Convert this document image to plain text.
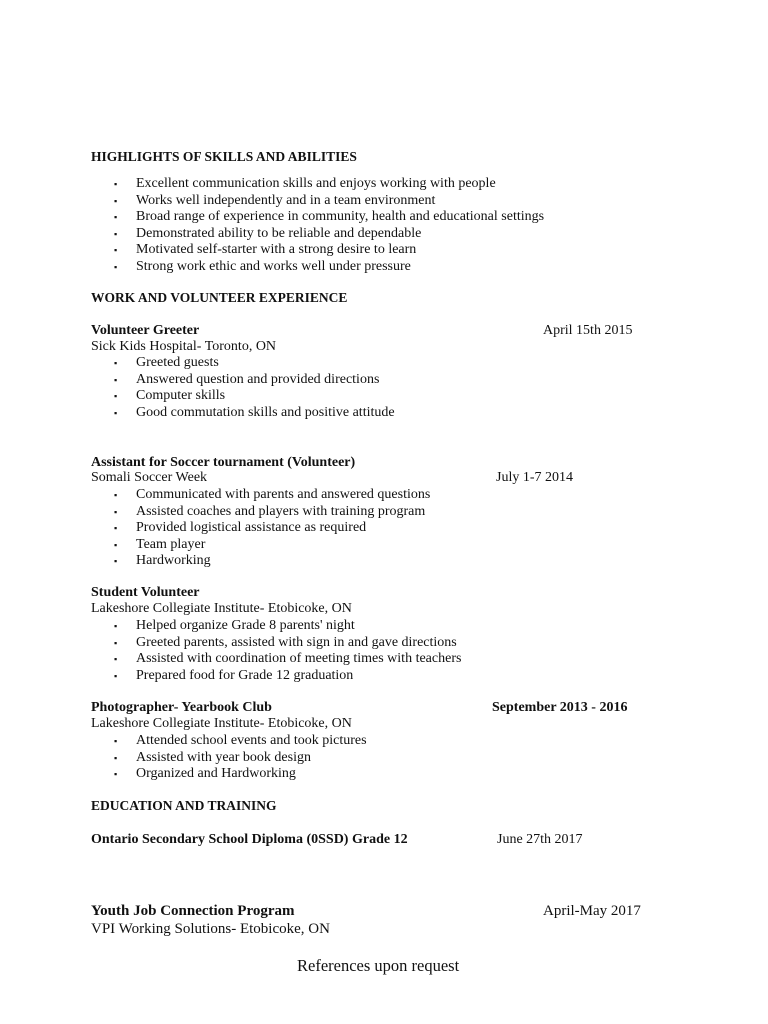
HIGHLIGHTS OF SKILLS AND ABILITIES
▪ Excellent communication skills and enjoys working with people
▪ Works well independently and in a team environment
▪ Broad range of experience in community, health and educational settings
▪ Demonstrated ability to be reliable and dependable
▪ Motivated self-starter with a strong desire to learn
▪ Strong work ethic and works well under pressure
WORK AND VOLUNTEER EXPERIENCE
Volunteer Greeter	April 15th 2015
Sick Kids Hospital- Toronto, ON
▪ Greeted guests
▪ Answered question and provided directions
▪ Computer skills
▪ Good commutation skills and positive attitude
Assistant for Soccer tournament (Volunteer)
Somali Soccer Week	July 1-7 2014
▪ Communicated with parents and answered questions
▪ Assisted coaches and players with training program
▪ Provided logistical assistance as required
▪ Team player
▪ Hardworking
Student Volunteer
Lakeshore Collegiate Institute- Etobicoke, ON
▪ Helped organize Grade 8 parents' night
▪ Greeted parents, assisted with sign in and gave directions
▪ Assisted with coordination of meeting times with teachers
▪ Prepared food for Grade 12 graduation
Photographer- Yearbook Club	September 2013 - 2016
Lakeshore Collegiate Institute- Etobicoke, ON
▪ Attended school events and took pictures
▪ Assisted with year book design
▪ Organized and Hardworking
EDUCATION AND TRAINING
Ontario Secondary School Diploma (0SSD) Grade 12	June 27th 2017
Youth Job Connection Program	April-May 2017
VPI Working Solutions- Etobicoke, ON
References upon request
